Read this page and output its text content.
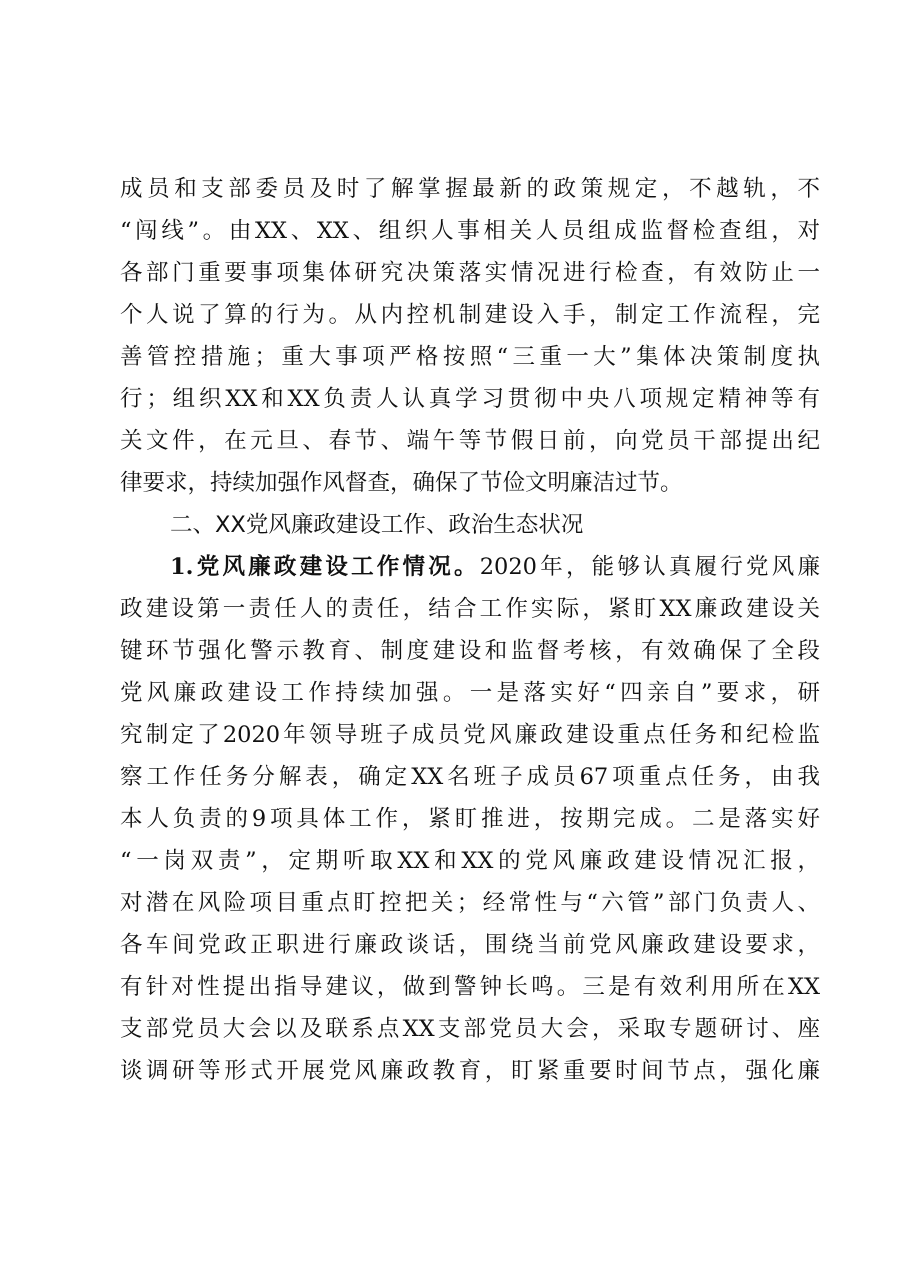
成员和支部委员及时了解掌握最新的政策规定，不越轨，不
“闯线”。由XX、XX、组织人事相关人员组成监督检查组，对
各部门重要事项集体研究决策落实情况进行检查，有效防止一
个人说了算的行为。从内控机制建设入手，制定工作流程，完
善管控措施；重大事项严格按照“三重一大”集体决策制度执
行；组织XX和XX负责人认真学习贯彻中央八项规定精神等有
关文件，在元旦、春节、端午等节假日前，向党员干部提出纪
律要求，持续加强作风督查，确保了节俭文明廉洁过节。
二、XX党风廉政建设工作、政治生态状况
1.党风廉政建设工作情况。2020年，能够认真履行党风廉
政建设第一责任人的责任，结合工作实际，紧盯XX廉政建设关
键环节强化警示教育、制度建设和监督考核，有效确保了全段
党风廉政建设工作持续加强。一是落实好“四亲自”要求，研
究制定了2020年领导班子成员党风廉政建设重点任务和纪检监
察工作任务分解表，确定XX名班子成员67项重点任务，由我
本人负责的9项具体工作，紧盯推进，按期完成。二是落实好
“一岗双责”，定期听取XX和XX的党风廉政建设情况汇报，
对潜在风险项目重点盯控把关；经常性与“六管”部门负责人、
各车间党政正职进行廉政谈话，围绕当前党风廉政建设要求，
有针对性提出指导建议，做到警钟长鸣。三是有效利用所在XX
支部党员大会以及联系点XX支部党员大会，采取专题研讨、座
谈调研等形式开展党风廉政教育，盯紧重要时间节点，强化廉
